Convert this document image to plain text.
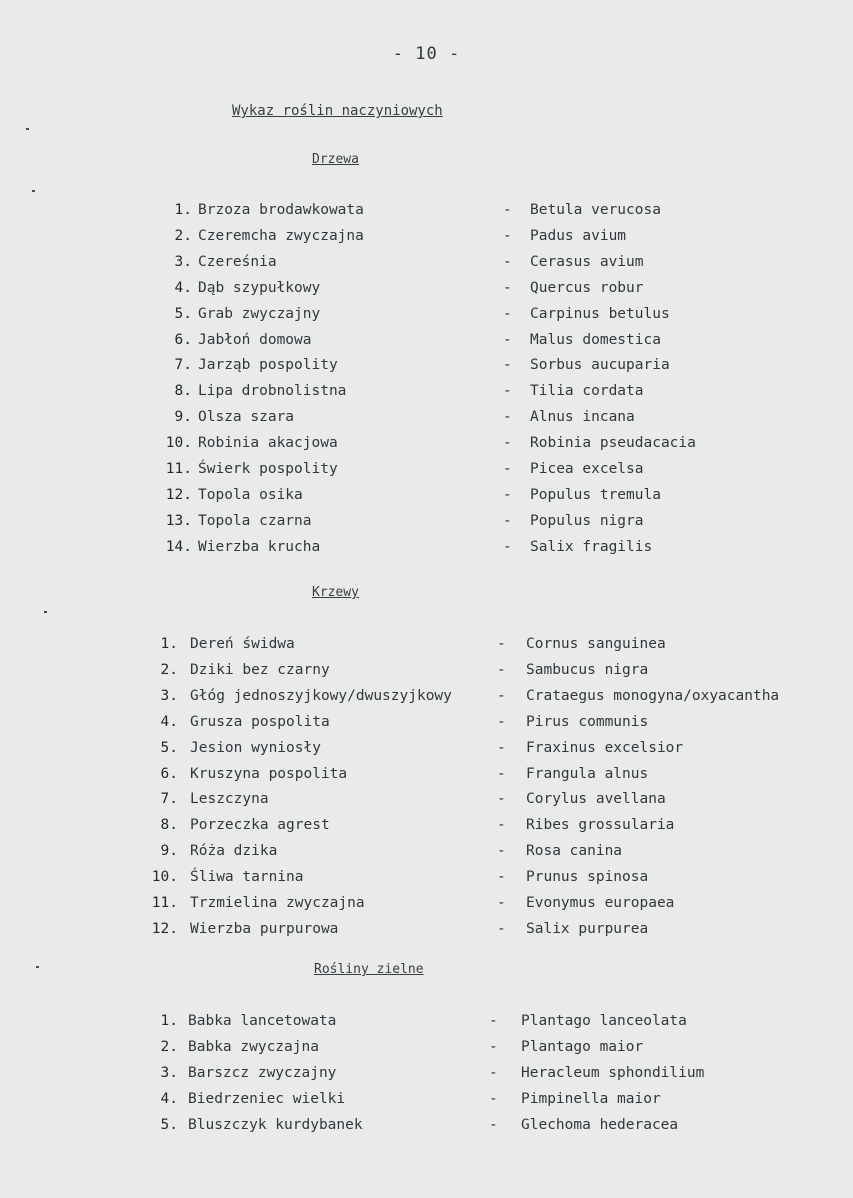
- 10 -
Wykaz roślin naczyniowych
Drzewa
1. Brzoza brodawkowata	- Betula verucosa
2. Czeremcha zwyczajna	- Padus avium
3. Czereśnia	- Cerasus avium
4. Dąb szypułkowy	- Quercus robur
5. Grab zwyczajny	- Carpinus betulus
6. Jabłoń domowa	- Malus domestica
7. Jarząb pospolity	- Sorbus aucuparia
8. Lipa drobnolistna	- Tilia cordata
9. Olsza szara	- Alnus incana
10. Robinia akacjowa	- Robinia pseudacacia
11. Świerk pospolity	- Picea excelsa
12. Topola osika	- Populus tremula
13. Topola czarna	- Populus nigra
14. Wierzba krucha	- Salix fragilis
Krzewy
1. Dereń świdwa	- Cornus sanguinea
2. Dziki bez czarny	- Sambucus nigra
3. Głóg jednoszyjkowy/dwuszyjkowy	- Crataegus monogyna/oxyacantha
4. Grusza pospolita	- Pirus communis
5. Jesion wyniosły	- Fraxinus excelsior
6. Kruszyna pospolita	- Frangula alnus
7. Leszczyna	- Corylus avellana
8. Porzeczka agrest	- Ribes grossularia
9. Róża dzika	- Rosa canina
10. Śliwa tarnina	- Prunus spinosa
11. Trzmielina zwyczajna	- Evonymus europaea
12. Wierzba purpurowa	- Salix purpurea
Rośliny zielne
1. Babka lancetowata	- Plantago lanceolata
2. Babka zwyczajna	- Plantago maior
3. Barszcz zwyczajny	- Heracleum sphondilium
4. Biedrzeniec wielki	- Pimpinella maior
5. Bluszczyk kurdybanek	- Glechoma hederacea
